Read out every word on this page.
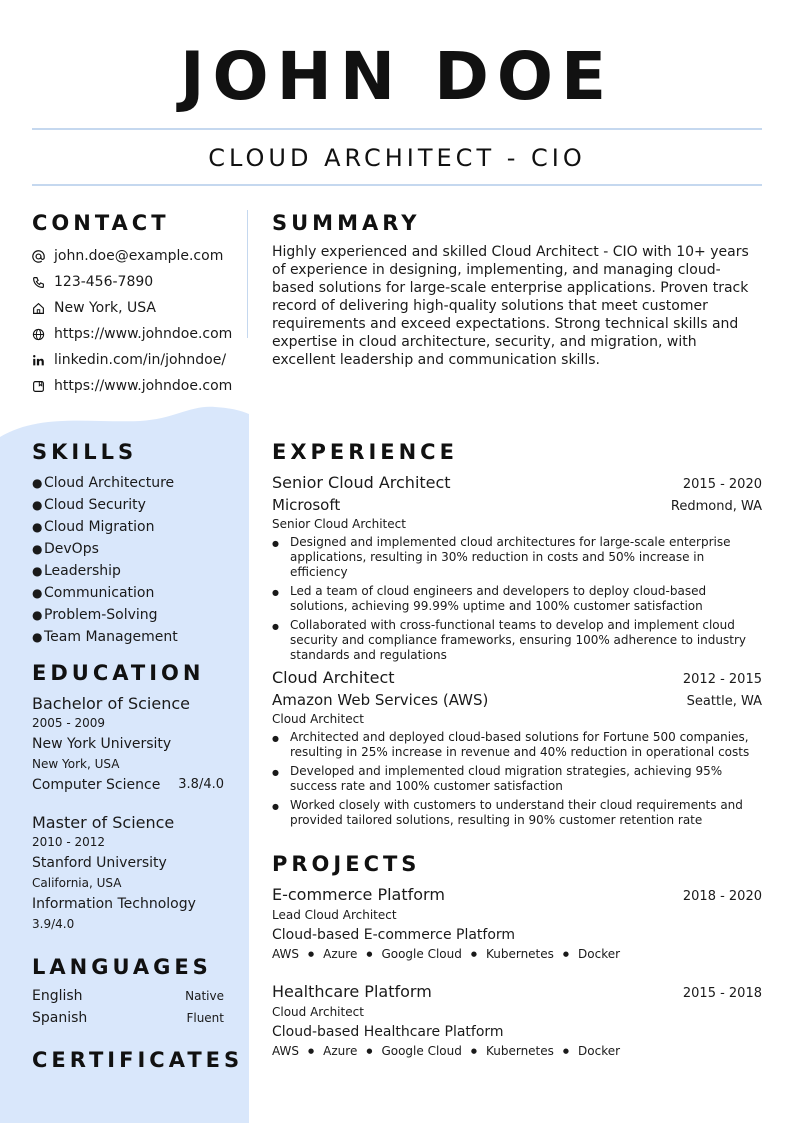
JOHN DOE
CLOUD ARCHITECT - CIO
CONTACT
john.doe@example.com
123-456-7890
New York, USA
https://www.johndoe.com
linkedin.com/in/johndoe/
https://www.johndoe.com
SKILLS
● Cloud Architecture
● Cloud Security
● Cloud Migration
● DevOps
● Leadership
● Communication
● Problem-Solving
● Team Management
EDUCATION
Bachelor of Science
2005 - 2009
New York University
New York, USA
Computer Science 3.8/4.0
Master of Science
2010 - 2012
Stanford University
California, USA
Information Technology
3.9/4.0
LANGUAGES
English	Native
Spanish	Fluent
CERTIFICATES
SUMMARY
Highly experienced and skilled Cloud Architect - CIO with 10+ years of experience in designing, implementing, and managing cloud-based solutions for large-scale enterprise applications. Proven track record of delivering high-quality solutions that meet customer requirements and exceed expectations. Strong technical skills and expertise in cloud architecture, security, and migration, with excellent leadership and communication skills.
EXPERIENCE
Senior Cloud Architect	2015 - 2020
Microsoft	Redmond, WA
Senior Cloud Architect
● Designed and implemented cloud architectures for large-scale enterprise applications, resulting in 30% reduction in costs and 50% increase in efficiency
● Led a team of cloud engineers and developers to deploy cloud-based solutions, achieving 99.99% uptime and 100% customer satisfaction
● Collaborated with cross-functional teams to develop and implement cloud security and compliance frameworks, ensuring 100% adherence to industry standards and regulations
Cloud Architect	2012 - 2015
Amazon Web Services (AWS)	Seattle, WA
Cloud Architect
● Architected and deployed cloud-based solutions for Fortune 500 companies, resulting in 25% increase in revenue and 40% reduction in operational costs
● Developed and implemented cloud migration strategies, achieving 95% success rate and 100% customer satisfaction
● Worked closely with customers to understand their cloud requirements and provided tailored solutions, resulting in 90% customer retention rate
PROJECTS
E-commerce Platform	2018 - 2020
Lead Cloud Architect
Cloud-based E-commerce Platform
AWS ● Azure ● Google Cloud ● Kubernetes ● Docker
Healthcare Platform	2015 - 2018
Cloud Architect
Cloud-based Healthcare Platform
AWS ● Azure ● Google Cloud ● Kubernetes ● Docker
